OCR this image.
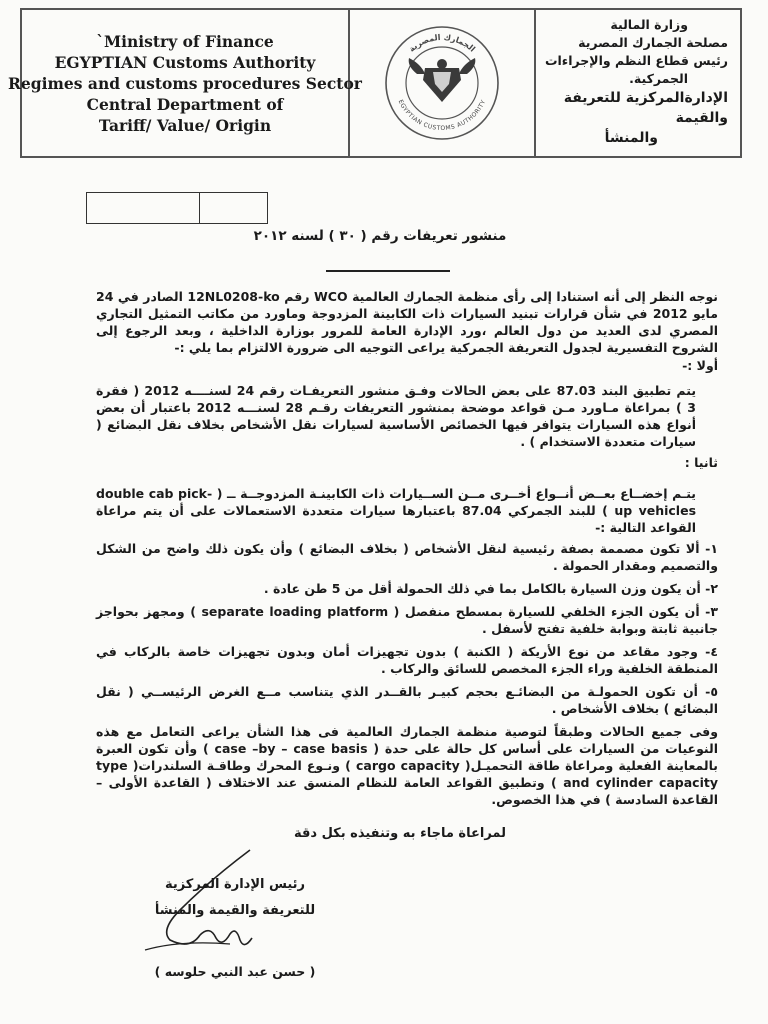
`Ministry of Finance
EGYPTIAN Customs Authority
Regimes and customs procedures Sector
Central Department of
Tariff/ Value/ Origin
الجمارك المصرية
EGYPTIAN CUSTOMS AUTHORITY
وزارة المالية
مصلحة الجمارك المصرية
رئيس قطاع النظم والإجراءات
الجمركية.
الإدارةالمركزية للتعريفة والقيمة
والمنشأ
منشور تعريفات رقم ( ٣٠ ) لسنه ٢٠١٢

نوجه النظر إلى أنه استنادا إلى رأى منظمة الجمارك العالمية WCO رقم 12NL0208-ko الصادر في 24 مايو 2012 في شأن قرارات تبنيد السيارات ذات الكابينة المزدوجة وماورد من مكاتب التمثيل التجاري المصري لدى العديد من دول العالم ،ورد الإدارة العامة للمرور بوزارة الداخلية ، وبعد الرجوع إلى الشروح التفسيرية لجدول التعريفة الجمركية يراعى التوجيه الى ضرورة الالتزام بما يلي :-

أولا :-

يتم تطبيق البند 87.03 على بعض الحالات وفـق منشور التعريفـات رقم 24 لسنــــه 2012 ( فقرة 3 ) بمراعاة مـاورد مـن قواعد موضحة بمنشور التعريفات رقـم 28 لسنـــه 2012 باعتبار أن بعض أنواع هذه السيارات يتوافر فيها الخصائص الأساسية لسيارات نقل الأشخاص بخلاف نقل البضائع ( سيارات متعددة الاستخدام ) .

ثانيا :

يتـم إخضــاع بعــض أنــواع أخــرى مــن الســيارات ذات الكابينـة المزدوجــة ــ ( double cab pick-up vehicles ) للبند الجمركي 87.04 باعتبارها سيارات متعددة الاستعمالات على أن يتم مراعاة القواعد التالية :-

١- ألا تكون مصممة بصفة رئيسية لنقل الأشخاص ( بخلاف البضائع ) وأن يكون ذلك واضح من الشكل والتصميم ومقدار الحمولة .

٢- أن يكون وزن السيارة بالكامل بما في ذلك الحمولة أقل من 5 طن عادة .

٣- أن يكون الجزء الخلفي للسيارة بمسطح منفصل ( separate loading platform ) ومجهز بحواجز جانبية ثابتة وبوابة خلفية تفتح لأسفل .

٤- وجود مقاعد من نوع الأريكة ( الكنبة ) بدون تجهيزات أمان وبدون تجهيزات خاصة بالركاب في المنطقة الخلفية وراء الجزء المخصص للسائق والركاب .

٥- أن تكون الحمولـة من البضائـع بحجم كبيـر بالقــدر الذي يتناسب مــع الغرض الرئيســي ( نقل البضائع ) بخلاف الأشخاص .

وفى جميع الحالات وطبقاً لتوصية منظمة الجمارك العالمية فى هذا الشأن يراعى التعامل مع هذه النوعيات من السيارات على أساس كل حالة على حدة ( case –by – case basis ) وأن تكون العبرة بالمعاينة الفعلية ومراعاة طاقة التحميـل( cargo capacity ) ونـوع المحرك وطاقـة السلندرات( type and cylinder capacity ) وتطبيق القواعد العامة للنظام المنسق عند الاختلاف ( القاعدة الأولى – القاعدة السادسة ) في هذا الخصوص.

لمراعاة ماجاء به وتنفيذه بكل دقة
رئيس الإدارة المركزية
للتعريفة والقيمة والمنشأ
( حسن عبد النبي حلوسه )
